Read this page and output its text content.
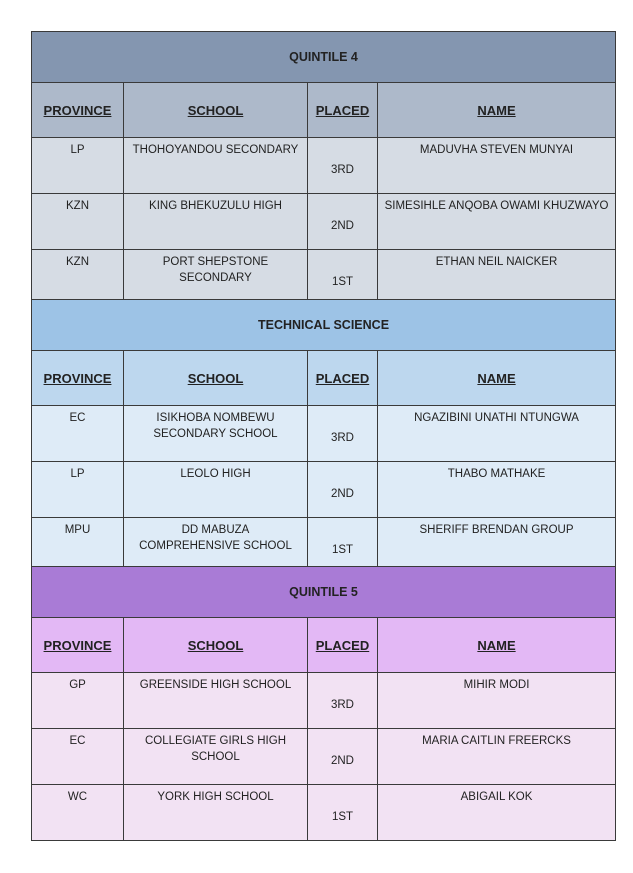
QUINTILE 4			
PROVINCE	SCHOOL	PLACED	NAME
LP	THOHOYANDOU SECONDARY	3RD	MADUVHA STEVEN MUNYAI
KZN	KING BHEKUZULU HIGH	2ND	SIMESIHLE ANQOBA OWAMI KHUZWAYO
KZN	PORT SHEPSTONE SECONDARY	1ST	ETHAN NEIL NAICKER
TECHNICAL SCIENCE			
PROVINCE	SCHOOL	PLACED	NAME
EC	ISIKHOBA NOMBEWU SECONDARY SCHOOL	3RD	NGAZIBINI UNATHI NTUNGWA
LP	LEOLO HIGH	2ND	THABO MATHAKE
MPU	DD MABUZA COMPREHENSIVE SCHOOL	1ST	SHERIFF BRENDAN GROUP
QUINTILE 5			
PROVINCE	SCHOOL	PLACED	NAME
GP	GREENSIDE HIGH SCHOOL	3RD	MIHIR MODI
EC	COLLEGIATE GIRLS HIGH SCHOOL	2ND	MARIA CAITLIN FREERCKS
WC	YORK HIGH SCHOOL	1ST	ABIGAIL KOK
